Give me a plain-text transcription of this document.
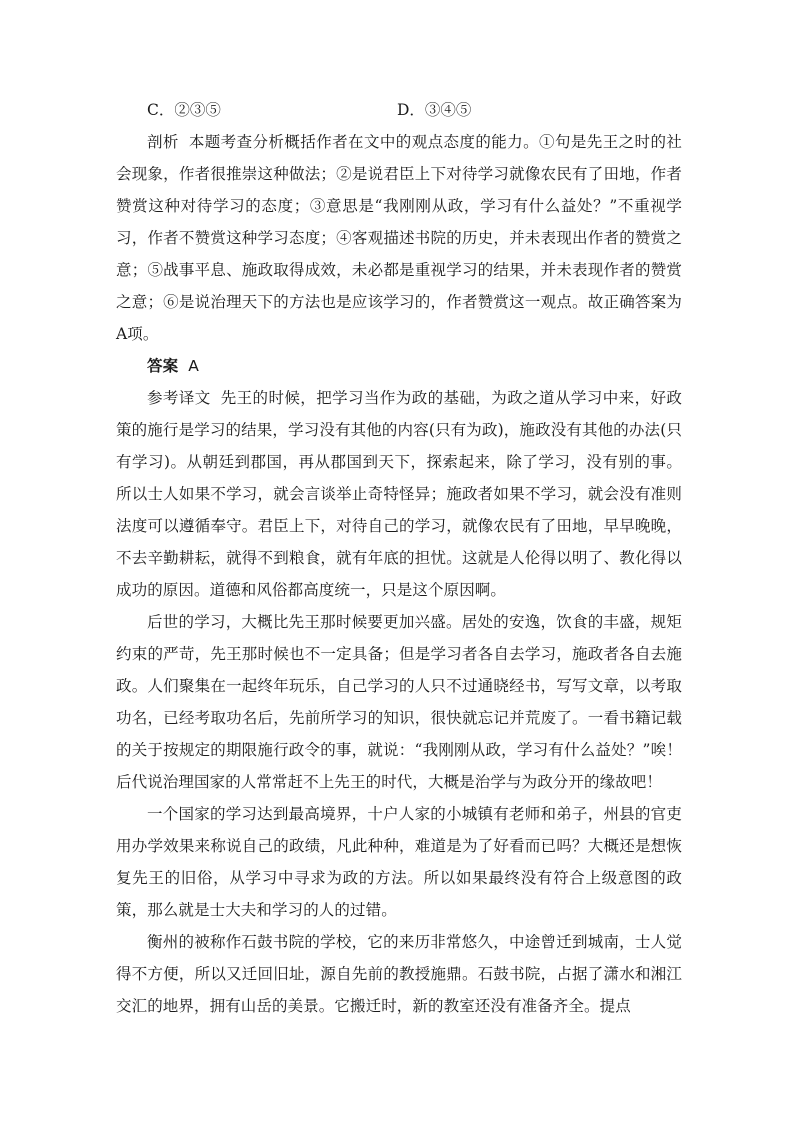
C．②③⑤	D．③④⑤

剖析 本题考查分析概括作者在文中的观点态度的能力。①句是先王之时的社会现象，作者很推崇这种做法；②是说君臣上下对待学习就像农民有了田地，作者赞赏这种对待学习的态度；③意思是“我刚刚从政，学习有什么益处？”不重视学习，作者不赞赏这种学习态度；④客观描述书院的历史，并未表现出作者的赞赏之意；⑤战事平息、施政取得成效，未必都是重视学习的结果，并未表现作者的赞赏之意；⑥是说治理天下的方法也是应该学习的，作者赞赏这一观点。故正确答案为A项。

答案 A

参考译文 先王的时候，把学习当作为政的基础，为政之道从学习中来，好政策的施行是学习的结果，学习没有其他的内容(只有为政)，施政没有其他的办法(只有学习)。从朝廷到郡国，再从郡国到天下，探索起来，除了学习，没有别的事。所以士人如果不学习，就会言谈举止奇特怪异；施政者如果不学习，就会没有准则法度可以遵循奉守。君臣上下，对待自己的学习，就像农民有了田地，早早晚晚，不去辛勤耕耘，就得不到粮食，就有年底的担忧。这就是人伦得以明了、教化得以成功的原因。道德和风俗都高度统一，只是这个原因啊。

后世的学习，大概比先王那时候要更加兴盛。居处的安逸，饮食的丰盛，规矩约束的严苛，先王那时候也不一定具备；但是学习者各自去学习，施政者各自去施政。人们聚集在一起终年玩乐，自己学习的人只不过通晓经书，写写文章，以考取功名，已经考取功名后，先前所学习的知识，很快就忘记并荒废了。一看书籍记载的关于按规定的期限施行政令的事，就说：“我刚刚从政，学习有什么益处？”唉！后代说治理国家的人常常赶不上先王的时代，大概是治学与为政分开的缘故吧！

一个国家的学习达到最高境界，十户人家的小城镇有老师和弟子，州县的官吏用办学效果来称说自己的政绩，凡此种种，难道是为了好看而已吗？大概还是想恢复先王的旧俗，从学习中寻求为政的方法。所以如果最终没有符合上级意图的政策，那么就是士大夫和学习的人的过错。

衡州的被称作石鼓书院的学校，它的来历非常悠久，中途曾迁到城南，士人觉得不方便，所以又迁回旧址，源自先前的教授施鼎。石鼓书院，占据了潇水和湘江交汇的地界，拥有山岳的美景。它搬迁时，新的教室还没有准备齐全。提点
